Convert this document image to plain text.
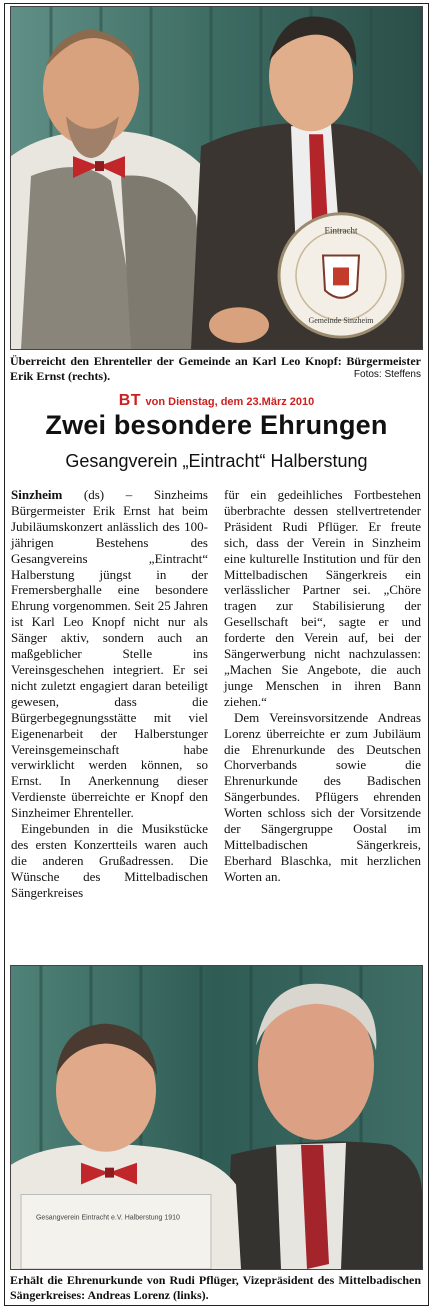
Eintracht
Gemeinde Sinzheim
Überreicht den Ehrenteller der Gemeinde an Karl Leo Knopf: Bürgermeister Erik Ernst (rechts).	Fotos: Steffens
BT von Dienstag, dem 23.März 2010
Zwei besondere Ehrungen
Gesangverein „Eintracht“ Halberstung

Sinzheim (ds) – Sinzheims Bürgermeister Erik Ernst hat beim Jubiläumskonzert anlässlich des 100-jährigen Bestehens des Gesangvereins „Eintracht“ Halberstung jüngst in der Fremersberghalle eine besondere Ehrung vorgenommen. Seit 25 Jahren ist Karl Leo Knopf nicht nur als Sänger aktiv, sondern auch an maßgeblicher Stelle ins Vereinsgeschehen integriert. Er sei nicht zuletzt engagiert daran beteiligt gewesen, dass die Bürgerbegegnungsstätte mit viel Eigenenarbeit der Halberstunger Vereinsgemeinschaft habe verwirklicht werden können, so Ernst. In Anerkennung dieser Verdienste überreichte er Knopf den Sinzheimer Ehrenteller.

Eingebunden in die Musikstücke des ersten Konzertteils waren auch die anderen Grußadressen. Die Wünsche des Mittelbadischen Sängerkreises

für ein gedeihliches Fortbestehen überbrachte dessen stellvertretender Präsident Rudi Pflüger. Er freute sich, dass der Verein in Sinzheim eine kulturelle Institution und für den Mittelbadischen Sängerkreis ein verlässlicher Partner sei. „Chöre tragen zur Stabilisierung der Gesellschaft bei“, sagte er und forderte den Verein auf, bei der Sängerwerbung nicht nachzulassen: „Machen Sie Angebote, die auch junge Menschen in ihren Bann ziehen.“

Dem Vereinsvorsitzende Andreas Lorenz überreichte er zum Jubiläum die Ehrenurkunde des Deutschen Chorverbands sowie die Ehrenurkunde des Badischen Sängerbundes. Pflügers ehrenden Worten schloss sich der Vorsitzende der Sängergruppe Oostal im Mittelbadischen Sängerkreis, Eberhard Blaschka, mit herzlichen Worten an.

Gesangverein Eintracht e.V. Halberstung 1910
Erhält die Ehrenurkunde von Rudi Pflüger, Vizepräsident des Mittelbadischen Sängerkreises: Andreas Lorenz (links).
